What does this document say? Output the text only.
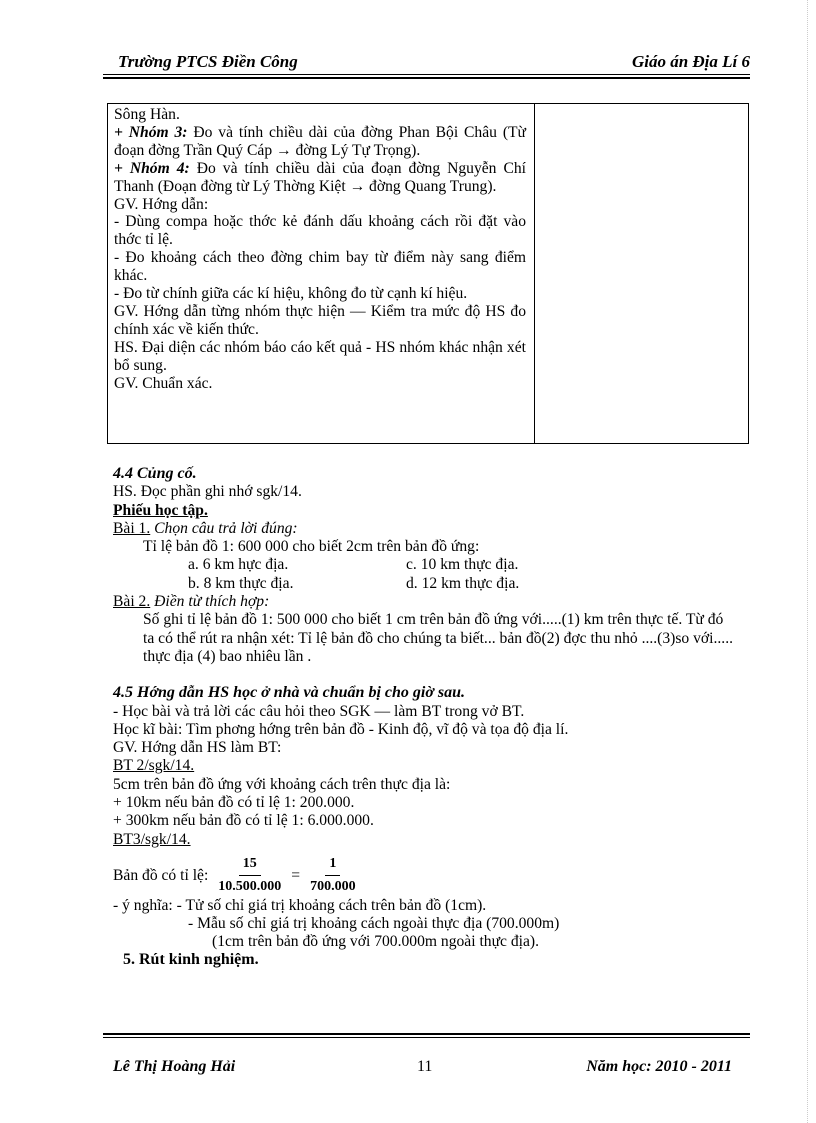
Trường PTCS Điền Công	Giáo án Địa Lí 6

Sông Hàn.

+ Nhóm 3: Đo và tính chiều dài của đờng Phan Bội Châu (Từ đoạn đờng Trần Quý Cáp → đờng Lý Tự Trọng).

+ Nhóm 4: Đo và tính chiều dài của đoạn đờng Nguyễn Chí Thanh (Đoạn đờng từ Lý Thờng Kiệt → đờng Quang Trung).

GV. Hớng dẫn:

- Dùng compa hoặc thớc kẻ đánh dấu khoảng cách rồi đặt vào thớc tỉ lệ.

- Đo khoảng cách theo đờng chim bay từ điểm này sang điểm khác.

- Đo từ chính giữa các kí hiệu, không đo từ cạnh kí hiệu.

GV. Hớng dẫn từng nhóm thực hiện — Kiểm tra mức độ HS đo chính xác về kiến thức.

HS. Đại diện các nhóm báo cáo kết quả - HS nhóm khác nhận xét bổ sung.

GV. Chuẩn xác.

4.4 Củng cố.

HS. Đọc phần ghi nhớ sgk/14.

Phiếu học tập.

Bài 1. Chọn câu trả lời đúng:

Tỉ lệ bản đồ 1: 600 000 cho biết 2cm trên bản đồ ứng:

a. 6 km hực địa.	c. 10 km thực địa.
b. 8 km thực địa.	d. 12 km thực địa.

Bài 2. Điền từ thích hợp:

Số ghi tỉ lệ bản đồ 1: 500 000 cho biết 1 cm trên bản đồ ứng với.....(1) km trên thực tế. Từ đó ta có thể rút ra nhận xét: Tỉ lệ bản đồ cho chúng ta biết... bản đồ(2) đợc thu nhỏ ....(3)so với..... thực địa (4) bao nhiêu lần .

4.5 Hớng dẫn HS học ở nhà và chuẩn bị cho giờ sau.

- Học bài và trả lời các câu hỏi theo SGK — làm BT trong vở BT.

Học kĩ bài: Tìm phơng hớng trên bản đồ - Kinh độ, vĩ độ và tọa độ địa lí.

GV. Hớng dẫn HS làm BT:

BT 2/sgk/14.

5cm trên bản đồ ứng với khoảng cách trên thực địa là:

+ 10km nếu bản đồ có tỉ lệ 1: 200.000.

+ 300km nếu bản đồ có tỉ lệ 1: 6.000.000.

BT3/sgk/14.

Bản đồ có tỉ lệ: $\frac{15}{10.500.000} = \frac{1}{700.000}$

- ý nghĩa: - Tử số chỉ giá trị khoảng cách trên bản đồ (1cm).

- Mẫu số chỉ giá trị khoảng cách ngoài thực địa (700.000m)

(1cm trên bản đồ ứng với 700.000m ngoài thực địa).

5. Rút kinh nghiệm.

Lê Thị Hoàng Hải	11	Năm học: 2010 - 2011
